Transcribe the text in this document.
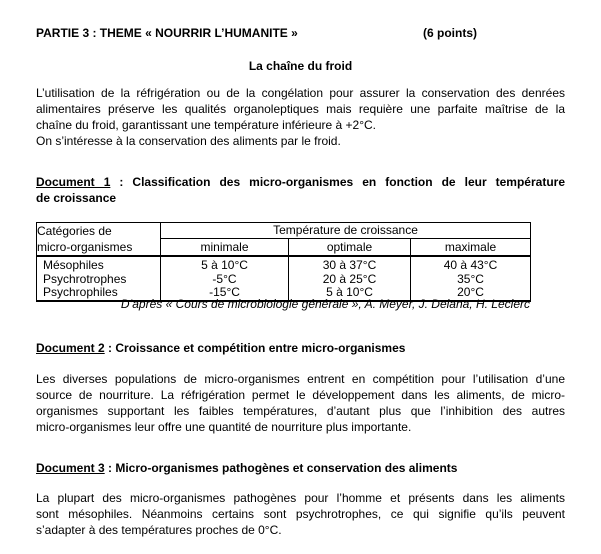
PARTIE 3 : THEME « NOURRIR L’HUMANITE »	(6 points)
La chaîne du froid
L’utilisation de la réfrigération ou de la congélation pour assurer la conservation des denrées
alimentaires préserve les qualités organoleptiques mais requière une parfaite maîtrise de la
chaîne du froid, garantissant une température inférieure à +2°C.
On s’intéresse à la conservation des aliments par le froid.
Document 1 : Classification des micro-organismes en fonction de leur température
de croissance
Catégories de
micro-organismes	Température de croissance		
	minimale	optimale	maximale
Mésophiles	5 à 10°C	30 à 37°C	40 à 43°C
Psychrotrophes	-5°C	20 à 25°C	35°C
Psychrophiles	-15°C	5 à 10°C	20°C
D’après « Cours de microbiologie générale », A. Meyer, J. Deiana, H. Leclerc
Document 2 : Croissance et compétition entre micro-organismes
Les diverses populations de micro-organismes entrent en compétition pour l’utilisation d’une
source de nourriture. La réfrigération permet le développement dans les aliments, de micro-
organismes supportant les faibles températures, d’autant plus que l’inhibition des autres
micro-organismes leur offre une quantité de nourriture plus importante.
Document 3 : Micro-organismes pathogènes et conservation des aliments
La plupart des micro-organismes pathogènes pour l’homme et présents dans les aliments
sont mésophiles. Néanmoins certains sont psychrotrophes, ce qui signifie qu’ils peuvent
s’adapter à des températures proches de 0°C.
